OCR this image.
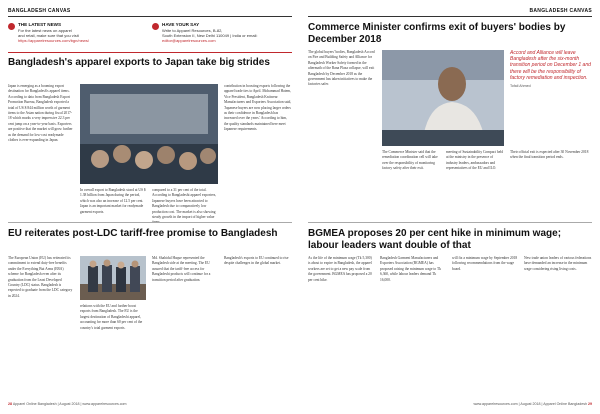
BANGLADESH CANVAS
THE LATEST NEWS
For the latest news on apparel
and retail, make sure that you visit
https://apparelresources.com/bgn/news/
HAVE YOUR SAY
Write to Apparel Resources, B-82,
South Extension II, New Delhi 110049 | India or email:
editor@apparelresources.com
Bangladesh's apparel exports to Japan take big strides
Japan is emerging as a booming export destination for Bangladesh's apparel items. According to data from Bangladesh Export Promotion Bureau, Bangladesh exported a total of US $ 844 million worth of garment items to the Asian nation during fiscal 2017-18 which marks a very impressive 22.3 per cent jump on a year-to-year basis. Exporters are positive that the market will grow further as the demand for low-cost readymade clothes is ever-expanding in Japan.
contribution in boosting exports following the apparel trade ties to April. Mohammad Hatem, Vice President, Bangladesh Knitwear Manufacturers and Exporters Association said, 'Japanese buyers are now placing larger orders as their confidence in Bangladesh has increased over the years.' According to him, the quality standards maintained here meet Japanese requirements.
In overall export to Bangladesh stood at US $ 1.38 billion from Japan during the period, which was also an increase of 12.5 per cent. Japan is an important market for readymade garment exports.
compared to a 31 per cent of the total. According to Bangladeshi apparel exporters, Japanese buyers have been attracted to Bangladesh due to comparatively low production cost. The market is also showing steady growth in the import of higher value
EU reiterates post-LDC tariff-free promise to Bangladesh
The European Union (EU) has reiterated its commitment to extend duty-free benefits under the Everything But Arms (EBA) scheme for Bangladesh even after its graduation from the Least Developed Country (LDC) status. Bangladesh is expected to graduate from the LDC category in 2024.
Md. Shahidul Haque represented the Bangladesh side at the meeting. The EU assured that the tariff-free access for Bangladeshi products will continue for a transition period after graduation.
relations with the EU and further boost exports from Bangladesh. The EU is the largest destination of Bangladeshi apparel, accounting for more than 60 per cent of the country's total garment exports.
Bangladesh's exports to EU continued to rise despite challenges in the global market.
28 Apparel Online Bangladesh | August 2018 | www.apparelresources.com
BANGLADESH CANVAS
Commerce Minister confirms exit of buyers' bodies by December 2018
The global buyers' bodies, Bangladesh Accord on Fire and Building Safety and Alliance for Bangladesh Worker Safety formed in the aftermath of the Rana Plaza collapse, will exit Bangladesh by December 2018 as the government has taken initiatives to make the factories safer.
Accord and Alliance will leave Bangladesh after the six-month transition period on December 1 and there will be the responsibility of factory remediation and inspection.
Tofail Ahmed
The Commerce Minister said that the remediation coordination cell will take over the responsibility of monitoring factory safety after their exit.
meeting of Sustainability Compact held at the ministry in the presence of industry leaders, ambassadors and representatives of the EU and ILO.
Their official exit is expected after 30 November 2018 when the final transition period ends.
BGMEA proposes 20 per cent hike in minimum wage; labour leaders want double of that
As the life of the minimum wage (Tk 5,300) is about to expire in Bangladesh, the apparel workers are set to get a new pay scale from the government. BGMEA has proposed a 20 per cent hike.
Bangladesh Garment Manufacturers and Exporters Association (BGMEA) has proposed raising the minimum wage to Tk 6,360, while labour leaders demand Tk 16,000.
will fix a minimum wage by September 2018 following recommendations from the wage board.
New trade union leaders of various federations have demanded an increase in the minimum wage considering rising living costs.
www.apparelresources.com | August 2018 | Apparel Online Bangladesh 29
